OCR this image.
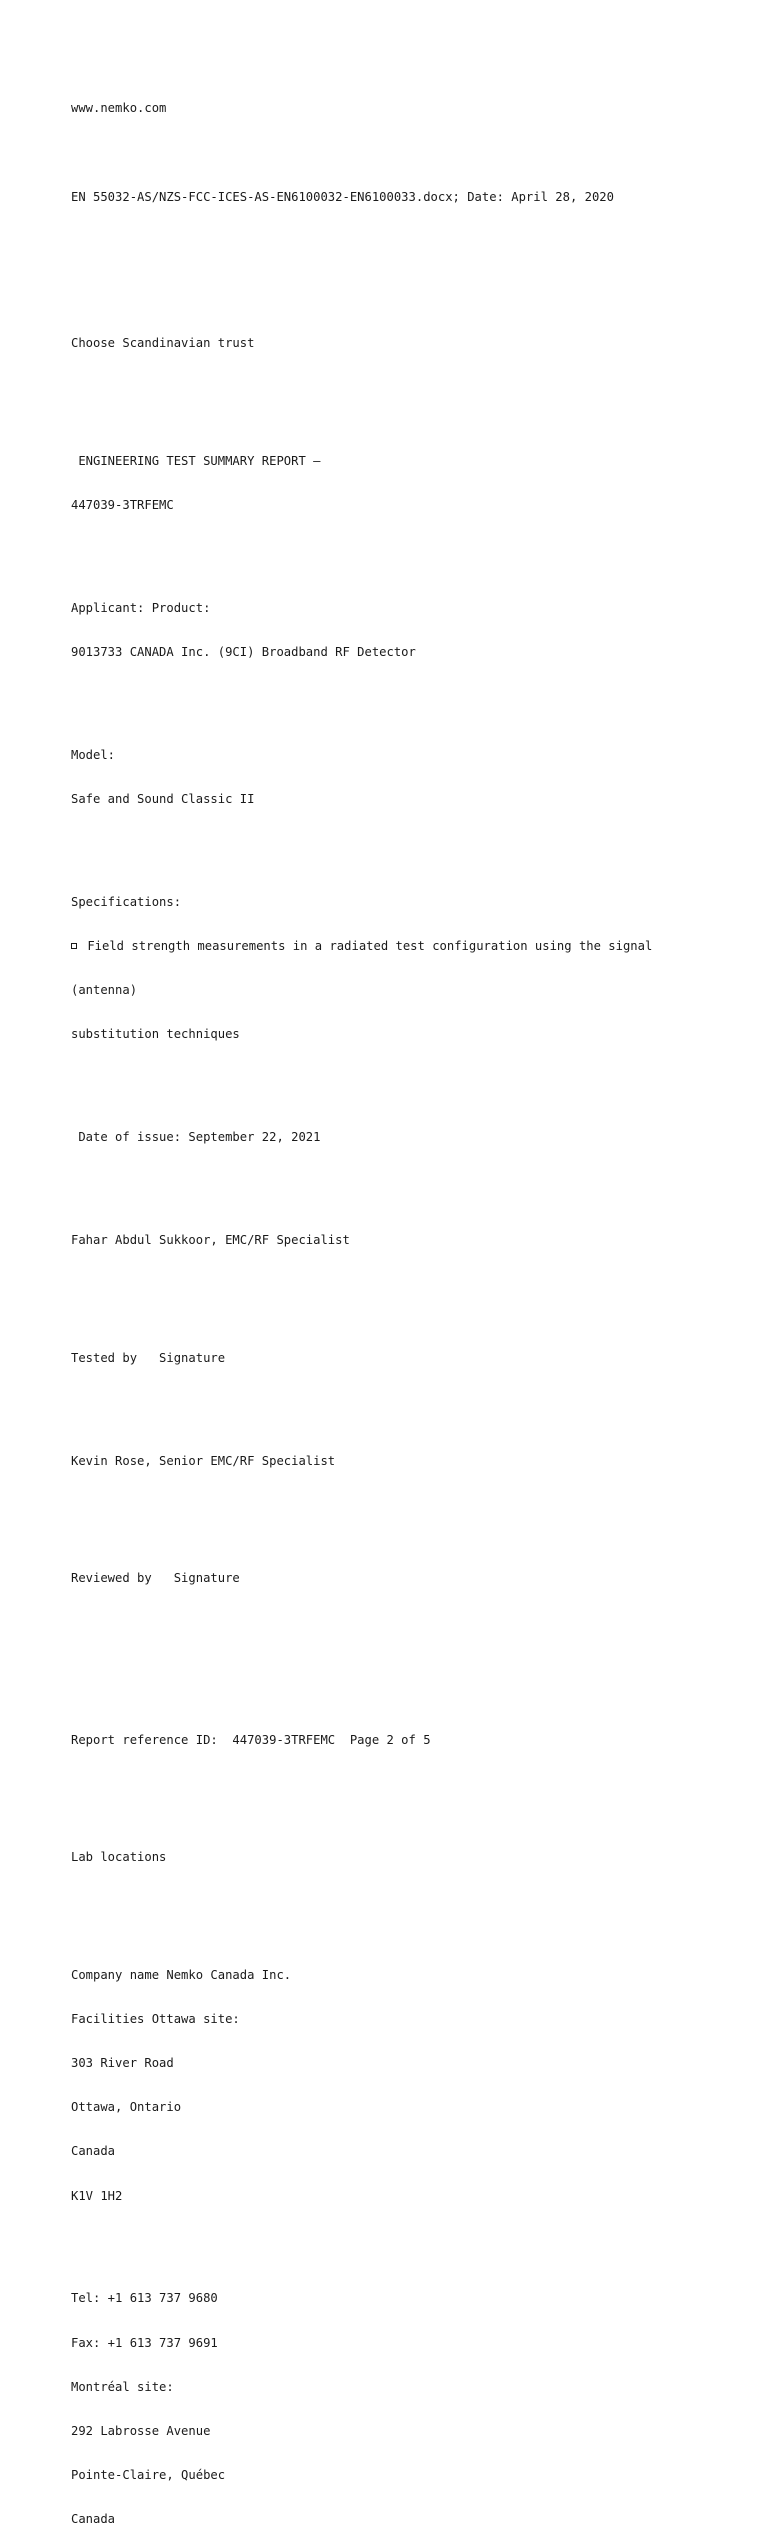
www.nemko.com

EN 55032-AS/NZS-FCC-ICES-AS-EN6100032-EN6100033.docx; Date: April 28, 2020

Choose Scandinavian trust

ENGINEERING TEST SUMMARY REPORT –

447039-3TRFEMC

Applicant: Product:

9013733 CANADA Inc. (9CI) Broadband RF Detector

Model:

Safe and Sound Classic II

Specifications:

Field strength measurements in a radiated test configuration using the signal

(antenna)

substitution techniques

Date of issue: September 22, 2021

Fahar Abdul Sukkoor, EMC/RF Specialist

Tested by   Signature

Kevin Rose, Senior EMC/RF Specialist

Reviewed by   Signature

Report reference ID:  447039-3TRFEMC  Page 2 of 5

Lab locations

Company name Nemko Canada Inc.

Facilities Ottawa site:

303 River Road

Ottawa, Ontario

Canada

K1V 1H2

Tel: +1 613 737 9680

Fax: +1 613 737 9691

Montréal site:

292 Labrosse Avenue

Pointe-Claire, Québec

Canada
